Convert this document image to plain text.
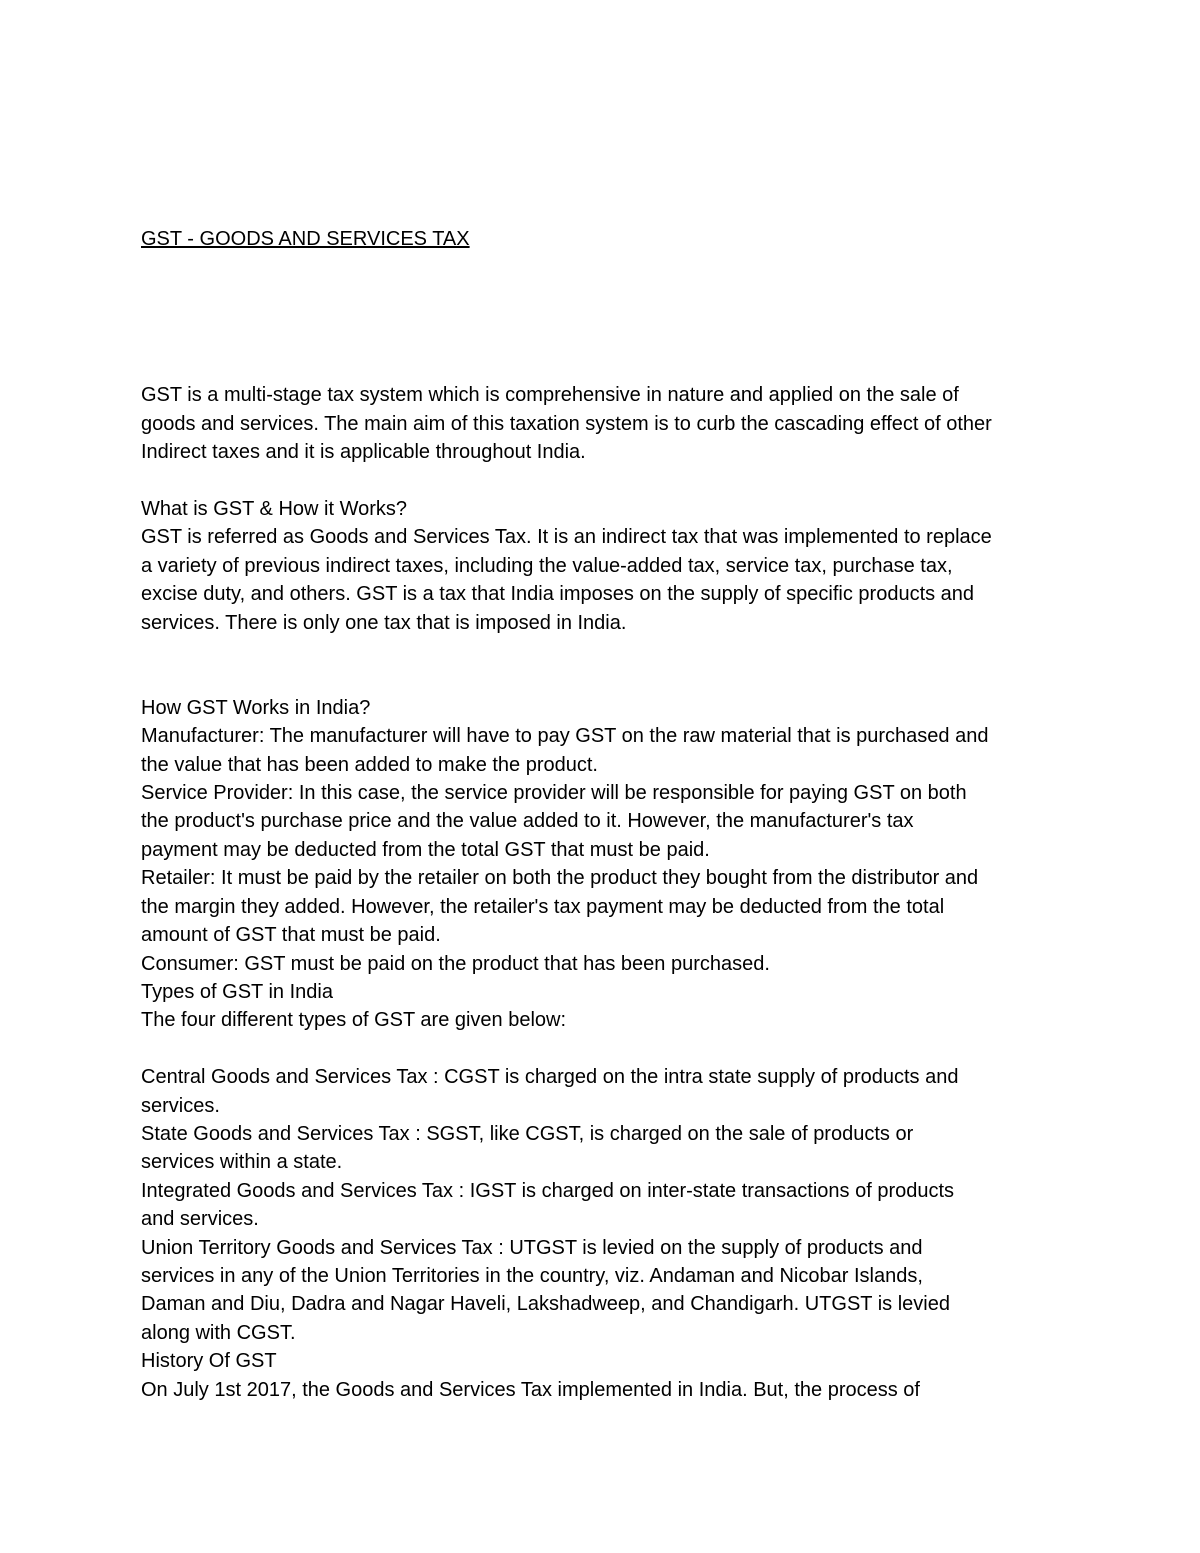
GST - GOODS AND SERVICES TAX
GST is a multi-stage tax system which is comprehensive in nature and applied on the sale of
goods and services. The main aim of this taxation system is to curb the cascading effect of other
Indirect taxes and it is applicable throughout India.
What is GST & How it Works?
GST is referred as Goods and Services Tax. It is an indirect tax that was implemented to replace
a variety of previous indirect taxes, including the value-added tax, service tax, purchase tax,
excise duty, and others. GST is a tax that India imposes on the supply of specific products and
services. There is only one tax that is imposed in India.
How GST Works in India?
Manufacturer: The manufacturer will have to pay GST on the raw material that is purchased and
the value that has been added to make the product.
Service Provider: In this case, the service provider will be responsible for paying GST on both
the product's purchase price and the value added to it. However, the manufacturer's tax
payment may be deducted from the total GST that must be paid.
Retailer: It must be paid by the retailer on both the product they bought from the distributor and
the margin they added. However, the retailer's tax payment may be deducted from the total
amount of GST that must be paid.
Consumer: GST must be paid on the product that has been purchased.
Types of GST in India
The four different types of GST are given below:
Central Goods and Services Tax : CGST is charged on the intra state supply of products and
services.
State Goods and Services Tax : SGST, like CGST, is charged on the sale of products or
services within a state.
Integrated Goods and Services Tax : IGST is charged on inter-state transactions of products
and services.
Union Territory Goods and Services Tax : UTGST is levied on the supply of products and
services in any of the Union Territories in the country, viz. Andaman and Nicobar Islands,
Daman and Diu, Dadra and Nagar Haveli, Lakshadweep, and Chandigarh. UTGST is levied
along with CGST.
History Of GST
On July 1st 2017, the Goods and Services Tax implemented in India. But, the process of
